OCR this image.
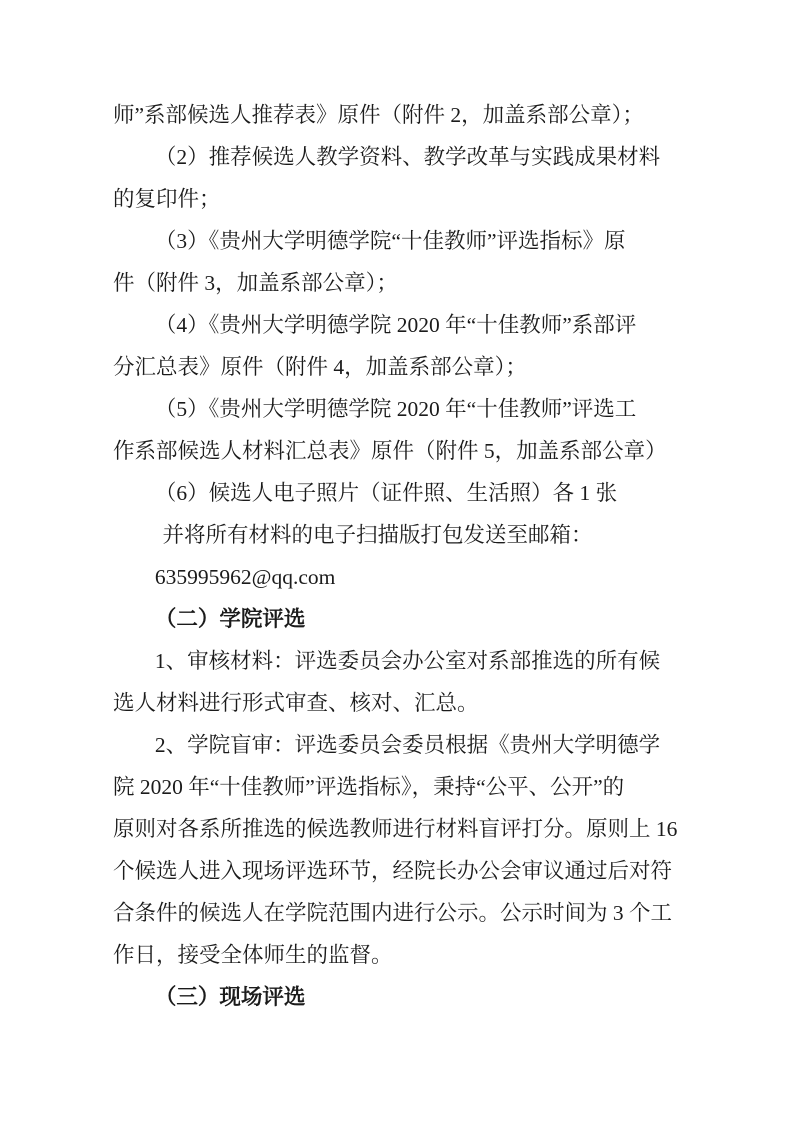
师”系部候选人推荐表》原件（附件 2，加盖系部公章）；
（2）推荐候选人教学资料、教学改革与实践成果材料
的复印件；
（3）《贵州大学明德学院“十佳教师”评选指标》原
件（附件 3，加盖系部公章）；
（4）《贵州大学明德学院 2020 年“十佳教师”系部评
分汇总表》原件（附件 4，加盖系部公章）；
（5）《贵州大学明德学院 2020 年“十佳教师”评选工
作系部候选人材料汇总表》原件（附件 5，加盖系部公章）
（6）候选人电子照片（证件照、生活照）各 1 张
并将所有材料的电子扫描版打包发送至邮箱：
635995962@qq.com
（二）学院评选
1、审核材料：评选委员会办公室对系部推选的所有候
选人材料进行形式审查、核对、汇总。
2、学院盲审：评选委员会委员根据《贵州大学明德学
院 2020 年“十佳教师”评选指标》，秉持“公平、公开”的
原则对各系所推选的候选教师进行材料盲评打分。原则上 16
个候选人进入现场评选环节，经院长办公会审议通过后对符
合条件的候选人在学院范围内进行公示。公示时间为 3 个工
作日，接受全体师生的监督。
（三）现场评选
